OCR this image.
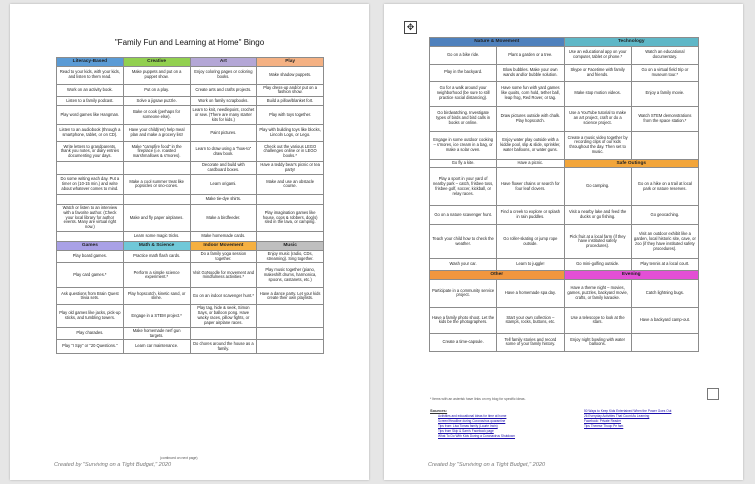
"Family Fun and Learning at Home" Bingo
Literacy-Based	Creative	Art	Play
Read to your kids, with your kids, and listen to them read.	Make puppets and put on a puppet show.	Enjoy coloring pages or coloring books.	Make shadow puppets.
Work on an activity book.	Put on a play.	Create arts and crafts projects.	Play dress-up and/or put on a fashion show.
Listen to a family podcast.	Solve a jigsaw puzzle.	Work on family scrapbooks.	Build a pillow/blanket fort.
Play word games like Hangman.	Bake or cook (perhaps for someone else).	Learn to knit, needlepoint, crochet or sew. (There are many starter kits for kids.)	Play with toys together.
Listen to an audiobook (through a smartphone, tablet, or on CD).	Have your child(ren) help meal plan and make a grocery list!	Paint pictures.	Play with building toys like blocks, Lincoln Logs, or Lego.
Write letters to grandparents, thank you notes, or diary entries documenting your days.	Make "campfire food" in the fireplace (i.e. roasted marshmallows & s'mores).	Learn to draw using a "how-to" draw book.	Check out the various LEGO challenges online or in LEGO books.*
		Decorate and build with cardboard boxes.	Have a teddy bear's picnic or tea party!
Do some writing each day. Put a timer on (10-15 min.) and write about whatever comes to mind.	Make a cool summer treat like popsicles or sno-cones.	Learn origami.	Make and use an obstacle course.
		Make tie-dye shirts.	
Watch or listen to an interview with a favorite author. (Check your local library for author events. Many are virtual right now.)	Make and fly paper airplanes.	Make a birdfeeder.	Play imagination games like house, cops & robbers, dog(s) sled in the lava, or camping.
	Learn some magic tricks.	Make homemade cards.	
Games	Math & Science	Indoor Movement	Music
Play board games.	Practice math flash cards.	Do a family yoga session together.	Enjoy music (radio, CDs, streaming). Sing together.
Play card games.*	Perform a simple science experiment.*	Visit GoNoodle for movement and mindfulness activities.*	Play music together (piano, makeshift drums, harmonica, spoons, castanets, etc.)
Ask questions from Brain Quest trivia sets.	Play hopscotch, kinetic sand, or slime.	Go on an indoor scavenger hunt.*	Have a dance party. Let your kids create their own playlists.
Play old games like jacks, pick-up sticks, and tumbling towers.	Engage in a STEM project.*	Play tag, hide & seek, Simon Says, or balloon pong. Have wacky races, pillow fights, or paper airplane races.	
Play charades.	Make homemade nerf gun targets.		
Play "I Spy" or "20 Questions."	Learn car maintenance.	Do chores around the house as a family.	
(continued on next page)
Created by "Surviving on a Tight Budget," 2020
✥
Nature & Movement		Technology	
Go on a bike ride.	Plant a garden or a tree.	Use an educational app on your computer, tablet or phone.*	Watch an educational documentary.
Play in the backyard.	Blow bubbles. Make your own wands and/or bubble solution.	Skype or Facetime with family and friends.	Go on a virtual field trip or museum tour.*
Go for a walk around your neighborhood (be sure to still practice social distancing).	Have some fun with yard games like quoits, corn hold, tether ball, leap frog, Red Rover, or tag.	Make stop motion videos.	Enjoy a family movie.
Go birdwatching. Investigate types of birds and bird calls in books or online.	Draw pictures outside with chalk. Play hopscotch.	Use a YouTube tutorial to make an art project, craft or do a science project.	Watch STEM demonstrations from the space station.*
Engage in some outdoor cooking – s'mores, ice cream in a bag, or make a solar oven.	Enjoy water play outside with a kiddie pool, slip & slide, sprinkler, water balloons, or water guns.	Create a music video together by recording clips of our kids throughout the day. Then set to music.	
Go fly a kite.	Have a picnic.	Safe Outings	
Play a sport in your yard of nearby park – catch, frisbee toss, frisbee golf, soccer, kickball, or relay races.	Have flower chains or search for four leaf clovers.	Go camping.	Go on a hike on a trail at local park or nature reserves.
Go on a nature scavenger hunt.	Find a creek to explore or splash in rain puddles.	Visit a nearby lake and feed the ducks or go fishing.	Go geocaching.
Teach your child how to check the weather.	Go roller-skating or jump rope outside.	Pick fruit at a local farm (if they have instituted safety procedures).	Visit an outdoor exhibit like a garden, local historic site, cave, or zoo (if they have instituted safety procedures).
Wash your car.	Learn to juggle!	Go mini-golfing outside.	Play tennis at a local court.
Other		Evening	
Participate in a community service project.	Have a homemade spa day.	Have a theme night – movies, games, puzzles, backyard movie, crafts, or family karaoke.	Catch lightning bugs.
Have a family photo shoot. Let the kids be the photographers.	Start your own collection – stamps, rocks, buttons, etc.	Use a telescope to look at the stars.	Have a backyard camp-out.
Create a time-capsule.	Tell family stories and record some of your family history.	Enjoy night bowling with water balloons.	
* Items with an asterisk have links on my blog for specific ideas.
Sources:
Activities and educational ideas for time at home
Screen/Headline during Coronavirus quarantine
Tips from: Lisa Tomas family (Laurie Irwin)
Tips from Skip & Sam's Facebook page
What To Do With Kids During a Coronavirus Shutdown
50 Ways to Keep Kids Entertained When the Power Goes Out
26 Everyday Activities That Count As Learning
Facebook: Private Reader
Tips Therese Thoop Pe fam
Created by "Surviving on a Tight Budget," 2020
